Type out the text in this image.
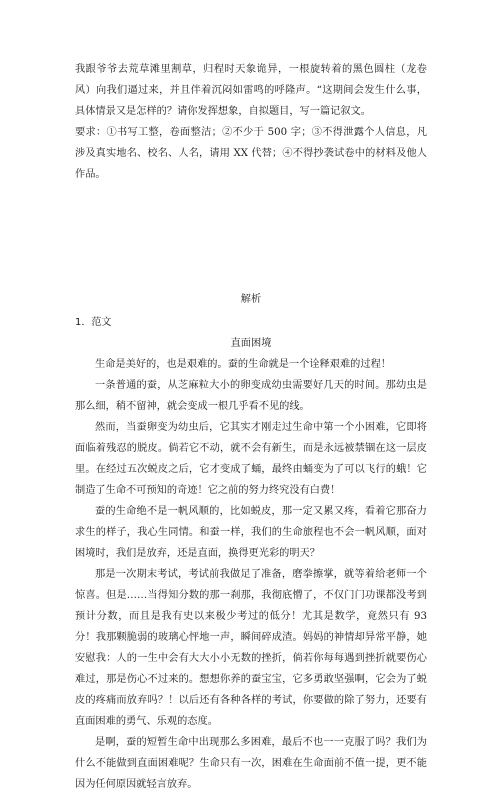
我跟爷爷去荒草滩里割草，归程时天象诡异，一根旋转着的黑色圆柱（龙卷风）向我们逼过来，并且伴着沉闷如雷鸣的呼隆声。“这期间会发生什么事，具体情景又是怎样的？请你发挥想象，自拟题目，写一篇记叙文。

要求：①书写工整，卷面整洁；②不少于 500 字；③不得泄露个人信息，凡涉及真实地名、校名、人名，请用 XX 代替；④不得抄袭试卷中的材料及他人作品。

解析

1．范文

直面困境

生命是美好的，也是艰难的。蚕的生命就是一个诠释艰难的过程！

一条普通的蚕，从芝麻粒大小的卵变成幼虫需要好几天的时间。那幼虫是那么细，稍不留神，就会变成一根几乎看不见的线。

然而，当蚕卵变为幼虫后，它其实才刚走过生命中第一个小困难，它即将面临着残忍的脱皮。倘若它不动，就不会有新生，而是永远被禁锢在这一层皮里。在经过五次蜕皮之后，它才变成了蛹，最终由蛹变为了可以飞行的蛾！它制造了生命不可预知的奇迹！它之前的努力终究没有白费！

蚕的生命绝不是一帆风顺的，比如蜕皮，那一定又累又疼，看着它那奋力求生的样子，我心生同情。和蚕一样，我们的生命旅程也不会一帆风顺，面对困境时，我们是放弃，还是直面，换得更光彩的明天？

那是一次期末考试，考试前我做足了准备，磨拳擦掌，就等着给老师一个惊喜。但是……当得知分数的那一刹那，我彻底懵了，不仅门门功课都没考到预计分数，而且是我有史以来极少考过的低分！尤其是数学，竟然只有 93 分！我那颗脆弱的玻璃心怦地一声，瞬间碎成渣。妈妈的神情却异常平静，她安慰我：人的一生中会有大大小小无数的挫折，倘若你每每遇到挫折就要伤心难过，那是伤心不过来的。想想你养的蚕宝宝，它多勇敢坚强啊，它会为了蜕皮的疼痛而放弃吗？！以后还有各种各样的考试，你要做的除了努力，还要有直面困难的勇气、乐观的态度。

是啊，蚕的短暂生命中出现那么多困难，最后不也一一克服了吗？我们为什么不能做到直面困难呢？生命只有一次，困难在生命面前不值一提，更不能因为任何原因就轻言放弃。
